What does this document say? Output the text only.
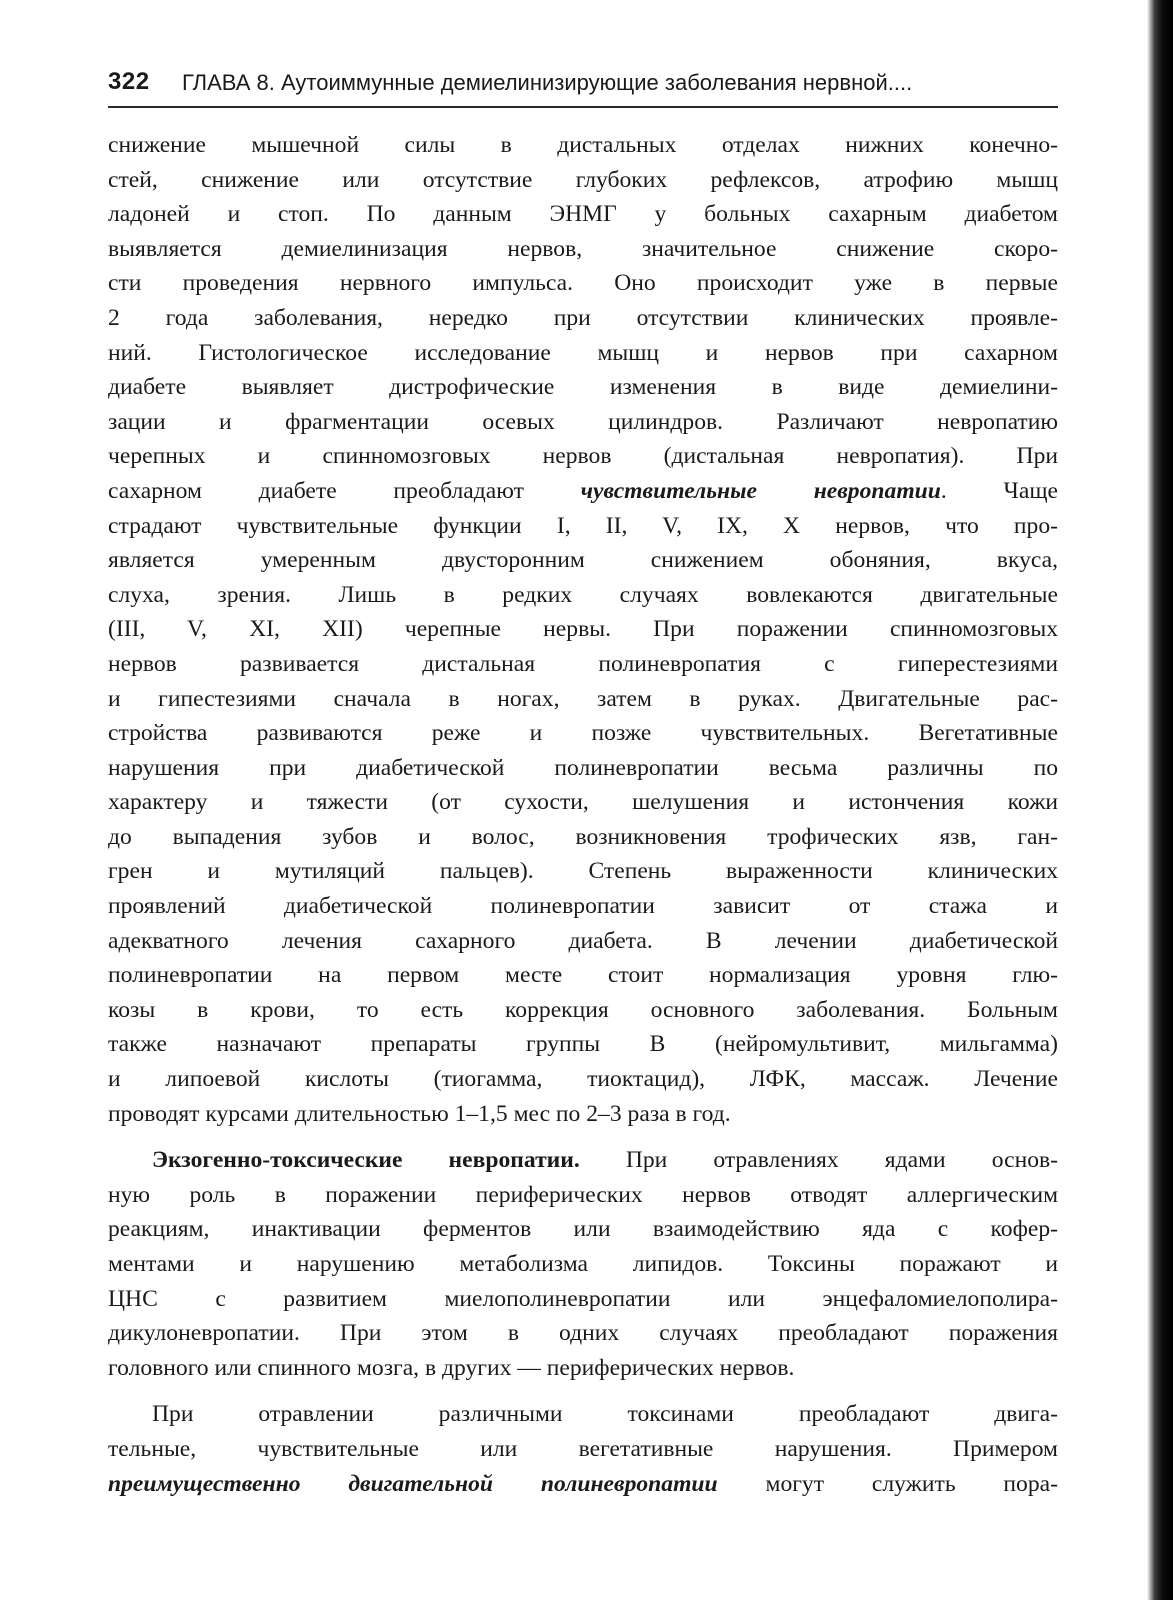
322 ГЛАВА 8. Аутоиммунные демиелинизирующие заболевания нервной....
снижение мышечной силы в дистальных отделах нижних конечно-
стей, снижение или отсутствие глубоких рефлексов, атрофию мышц
ладоней и стоп. По данным ЭНМГ у больных сахарным диабетом
выявляется демиелинизация нервов, значительное снижение скоро-
сти проведения нервного импульса. Оно происходит уже в первые
2 года заболевания, нередко при отсутствии клинических проявле-
ний. Гистологическое исследование мышц и нервов при сахарном
диабете выявляет дистрофические изменения в виде демиелини-
зации и фрагментации осевых цилиндров. Различают невропатию
черепных и спинномозговых нервов (дистальная невропатия). При
сахарном диабете преобладают чувствительные невропатии. Чаще
страдают чувствительные функции I, II, V, IX, X нервов, что про-
является умеренным двусторонним снижением обоняния, вкуса,
слуха, зрения. Лишь в редких случаях вовлекаются двигательные
(III, V, XI, XII) черепные нервы. При поражении спинномозговых
нервов развивается дистальная полиневропатия с гиперестезиями
и гипестезиями сначала в ногах, затем в руках. Двигательные рас-
стройства развиваются реже и позже чувствительных. Вегетативные
нарушения при диабетической полиневропатии весьма различны по
характеру и тяжести (от сухости, шелушения и истончения кожи
до выпадения зубов и волос, возникновения трофических язв, ган-
грен и мутиляций пальцев). Степень выраженности клинических
проявлений диабетической полиневропатии зависит от стажа и
адекватного лечения сахарного диабета. В лечении диабетической
полиневропатии на первом месте стоит нормализация уровня глю-
козы в крови, то есть коррекция основного заболевания. Больным
также назначают препараты группы В (нейромультивит, мильгамма)
и липоевой кислоты (тиогамма, тиоктацид), ЛФК, массаж. Лечение
проводят курсами длительностью 1–1,5 мес по 2–3 раза в год.
Экзогенно-токсические невропатии. При отравлениях ядами основ-
ную роль в поражении периферических нервов отводят аллергическим
реакциям, инактивации ферментов или взаимодействию яда с кофер-
ментами и нарушению метаболизма липидов. Токсины поражают и
ЦНС с развитием миелополиневропатии или энцефаломиелополира-
дикулоневропатии. При этом в одних случаях преобладают поражения
головного или спинного мозга, в других — периферических нервов.
При отравлении различными токсинами преобладают двига-
тельные, чувствительные или вегетативные нарушения. Примером
преимущественно двигательной полиневропатии могут служить пора-
